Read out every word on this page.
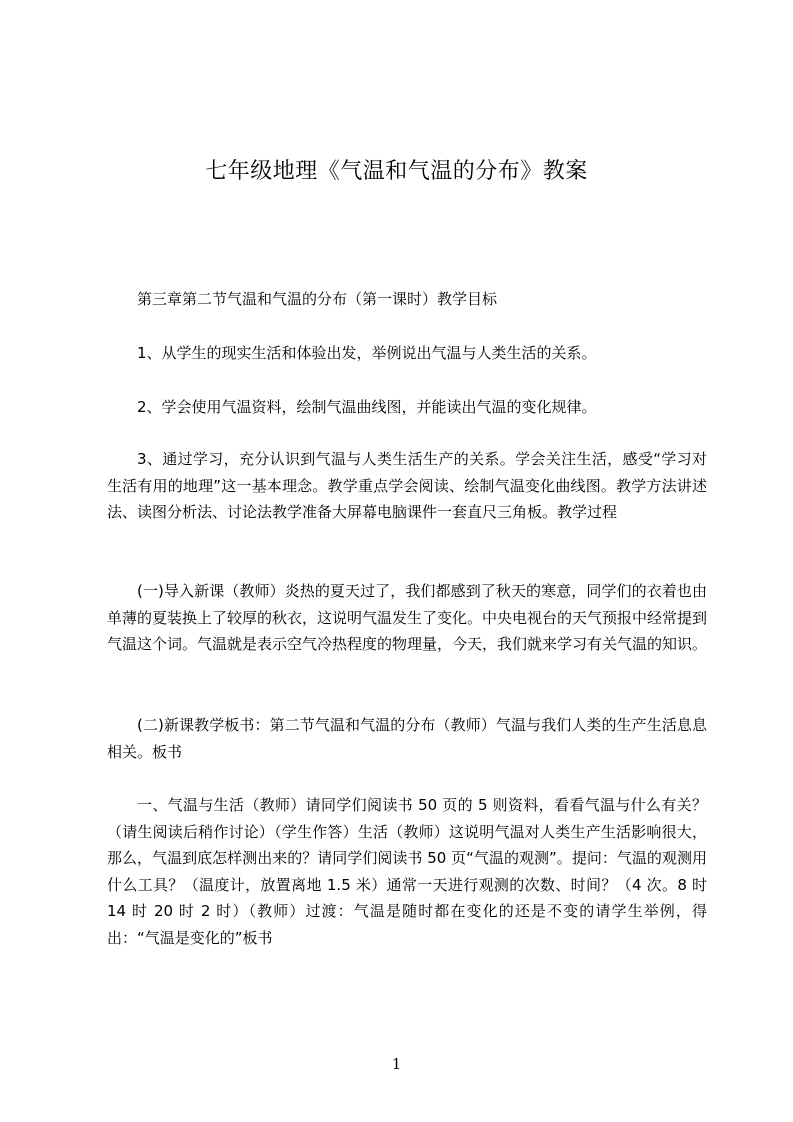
七年级地理《气温和气温的分布》教案

第三章第二节气温和气温的分布（第一课时）教学目标

1、从学生的现实生活和体验出发，举例说出气温与人类生活的关系。

2、学会使用气温资料，绘制气温曲线图，并能读出气温的变化规律。

3、通过学习，充分认识到气温与人类生活生产的关系。学会关注生活，感受“学习对生活有用的地理”这一基本理念。教学重点学会阅读、绘制气温变化曲线图。教学方法讲述法、读图分析法、讨论法教学准备大屏幕电脑课件一套直尺三角板。教学过程

(一)导入新课（教师）炎热的夏天过了，我们都感到了秋天的寒意，同学们的衣着也由单薄的夏装换上了较厚的秋衣，这说明气温发生了变化。中央电视台的天气预报中经常提到气温这个词。气温就是表示空气冷热程度的物理量，今天，我们就来学习有关气温的知识。

(二)新课教学板书：第二节气温和气温的分布（教师）气温与我们人类的生产生活息息相关。板书

一、气温与生活（教师）请同学们阅读书 50 页的 5 则资料，看看气温与什么有关？（请生阅读后稍作讨论）（学生作答）生活（教师）这说明气温对人类生产生活影响很大，那么，气温到底怎样测出来的？请同学们阅读书 50 页“气温的观测”。提问：气温的观测用什么工具？（温度计，放置离地 1.5 米）通常一天进行观测的次数、时间？（4 次。8 时 14 时 20 时 2 时）（教师）过渡：气温是随时都在变化的还是不变的请学生举例，得出：“气温是变化的”板书

1
